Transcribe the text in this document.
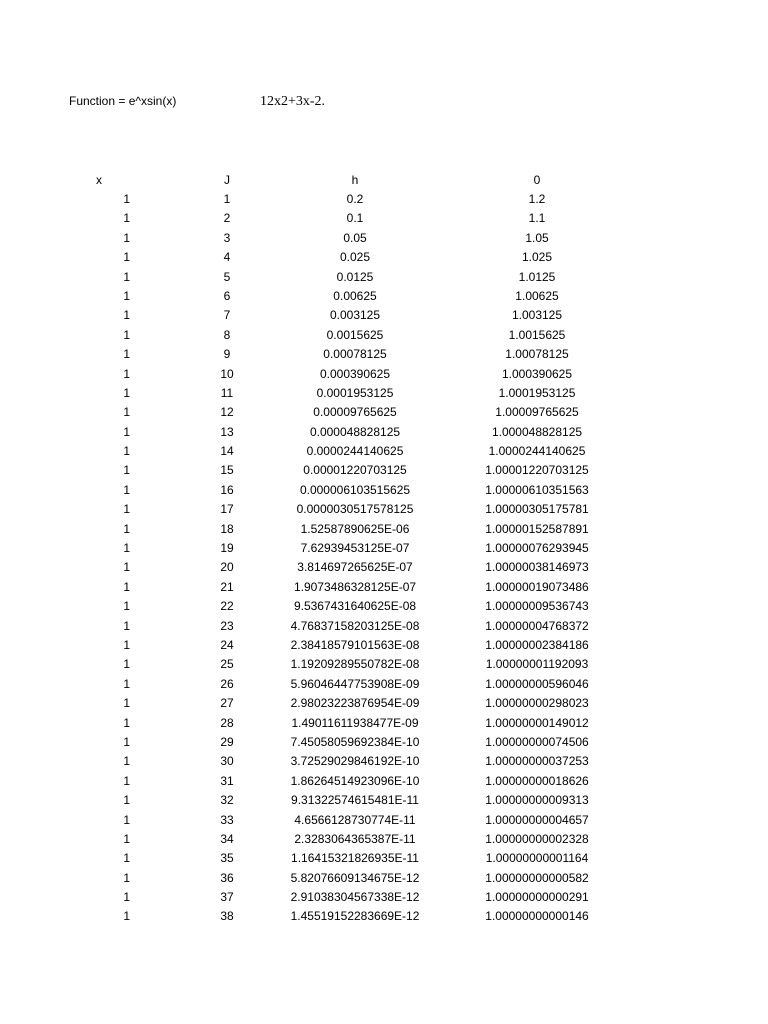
Function = e^xsin(x)	12x2+3x-2.
x	J	h	0
1	1	0.2	1.2
1	2	0.1	1.1
1	3	0.05	1.05
1	4	0.025	1.025
1	5	0.0125	1.0125
1	6	0.00625	1.00625
1	7	0.003125	1.003125
1	8	0.0015625	1.0015625
1	9	0.00078125	1.00078125
1	10	0.000390625	1.000390625
1	11	0.0001953125	1.0001953125
1	12	0.00009765625	1.00009765625
1	13	0.000048828125	1.000048828125
1	14	0.0000244140625	1.0000244140625
1	15	0.00001220703125	1.00001220703125
1	16	0.000006103515625	1.00000610351563
1	17	0.0000030517578125	1.00000305175781
1	18	1.52587890625E-06	1.00000152587891
1	19	7.62939453125E-07	1.00000076293945
1	20	3.814697265625E-07	1.00000038146973
1	21	1.9073486328125E-07	1.00000019073486
1	22	9.5367431640625E-08	1.00000009536743
1	23	4.76837158203125E-08	1.00000004768372
1	24	2.38418579101563E-08	1.00000002384186
1	25	1.19209289550782E-08	1.00000001192093
1	26	5.96046447753908E-09	1.00000000596046
1	27	2.98023223876954E-09	1.00000000298023
1	28	1.49011611938477E-09	1.00000000149012
1	29	7.45058059692384E-10	1.00000000074506
1	30	3.72529029846192E-10	1.00000000037253
1	31	1.86264514923096E-10	1.00000000018626
1	32	9.31322574615481E-11	1.00000000009313
1	33	4.6566128730774E-11	1.00000000004657
1	34	2.3283064365387E-11	1.00000000002328
1	35	1.16415321826935E-11	1.00000000001164
1	36	5.82076609134675E-12	1.00000000000582
1	37	2.91038304567338E-12	1.00000000000291
1	38	1.45519152283669E-12	1.00000000000146
